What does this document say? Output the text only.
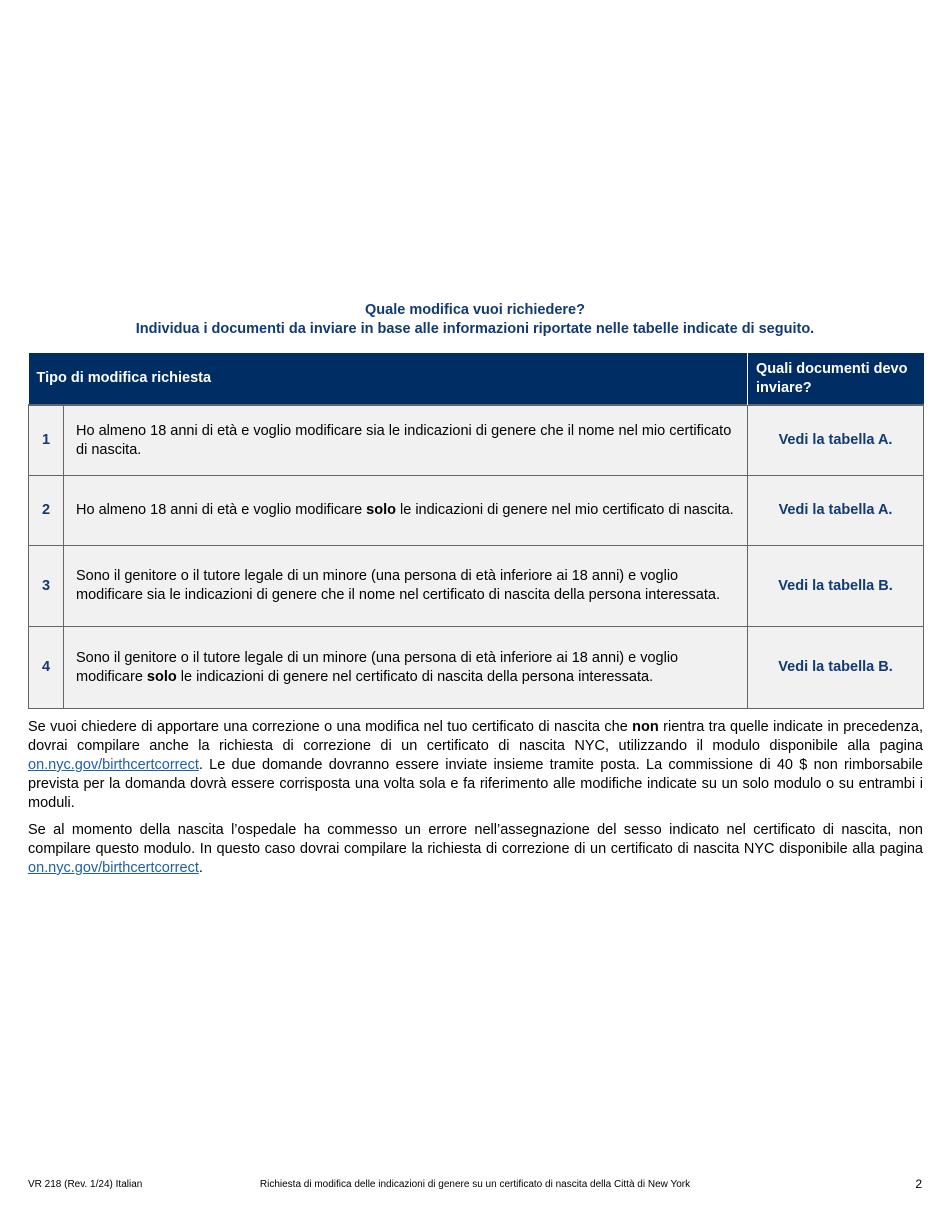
Quale modifica vuoi richiedere?
Individua i documenti da inviare in base alle informazioni riportate nelle tabelle indicate di seguito.
Tipo di modifica richiesta		Quali documenti devo inviare?

1	Ho almeno 18 anni di età e voglio modificare sia le indicazioni di genere che il nome nel mio certificato di nascita.	Vedi la tabella A.
2	Ho almeno 18 anni di età e voglio modificare solo le indicazioni di genere nel mio certificato di nascita.	Vedi la tabella A.
3	Sono il genitore o il tutore legale di un minore (una persona di età inferiore ai 18 anni) e voglio modificare sia le indicazioni di genere che il nome nel certificato di nascita della persona interessata.	Vedi la tabella B.
4	Sono il genitore o il tutore legale di un minore (una persona di età inferiore ai 18 anni) e voglio modificare solo le indicazioni di genere nel certificato di nascita della persona interessata.	Vedi la tabella B.

Se vuoi chiedere di apportare una correzione o una modifica nel tuo certificato di nascita che non rientra tra quelle indicate in precedenza, dovrai compilare anche la richiesta di correzione di un certificato di nascita NYC, utilizzando il modulo disponibile alla pagina on.nyc.gov/birthcertcorrect. Le due domande dovranno essere inviate insieme tramite posta. La commissione di 40 $ non rimborsabile prevista per la domanda dovrà essere corrisposta una volta sola e fa riferimento alle modifiche indicate su un solo modulo o su entrambi i moduli.

Se al momento della nascita l’ospedale ha commesso un errore nell’assegnazione del sesso indicato nel certificato di nascita, non compilare questo modulo. In questo caso dovrai compilare la richiesta di correzione di un certificato di nascita NYC disponibile alla pagina on.nyc.gov/birthcertcorrect.

VR 218 (Rev. 1/24) Italian	Richiesta di modifica delle indicazioni di genere su un certificato di nascita della Città di New York	2
